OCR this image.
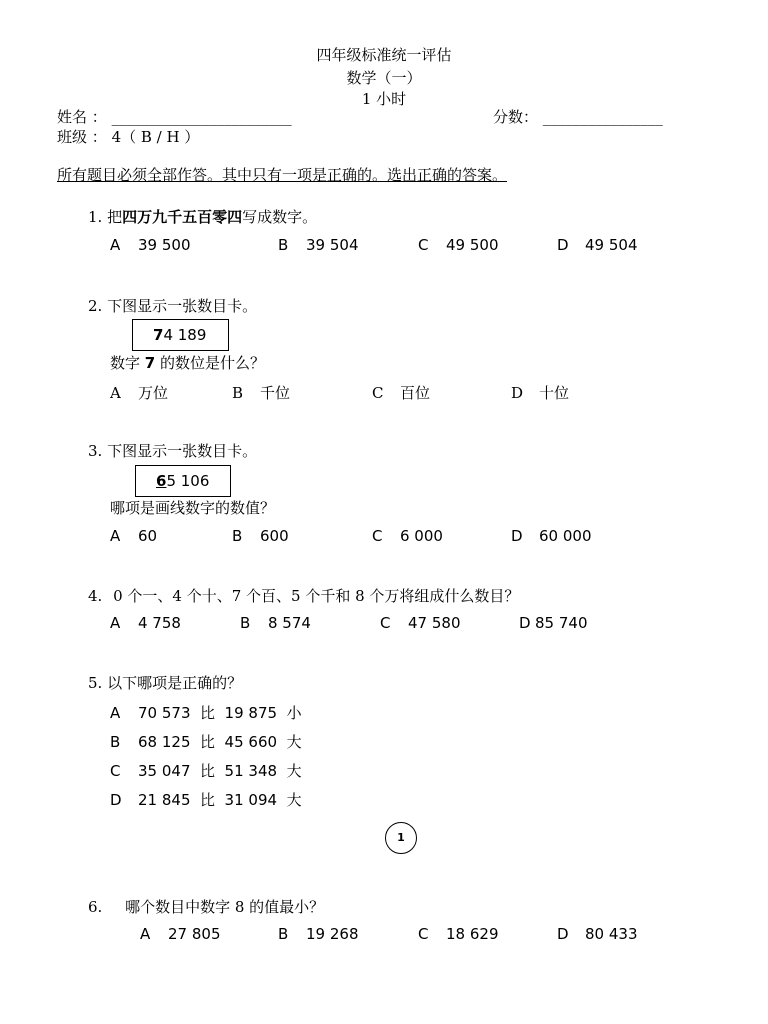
四年级标准统一评估
数学（一）
1 小时
姓名 ： ________________________	分数： ________________
班级 ： 4（ B / H ）
所有题目必须全部作答。其中只有一项是正确的。选出正确的答案。
1. 把四万九千五百零四写成数字。
A 39 500	B 39 504	C 49 500	D 49 504
2. 下图显示一张数目卡。
74 189
数字 7 的数位是什么？
A 万位	B 千位	C 百位	D 十位
3. 下图显示一张数目卡。
65 106
哪项是画线数字的数值？
A 60	B 600	C 6 000	D 60 000
4. 0 个一、4 个十、7 个百、5 个千和 8 个万将组成什么数目？
A 4 758	B 8 574	C 47 580	D 85 740
5. 以下哪项是正确的？
A 70 573  比  19 875  小
B 68 125  比  45 660  大
C 35 047  比  51 348  大
D 21 845  比  31 094  大
1
6. 哪个数目中数字 8 的值最小？
A 27 805	B 19 268	C 18 629	D 80 433
